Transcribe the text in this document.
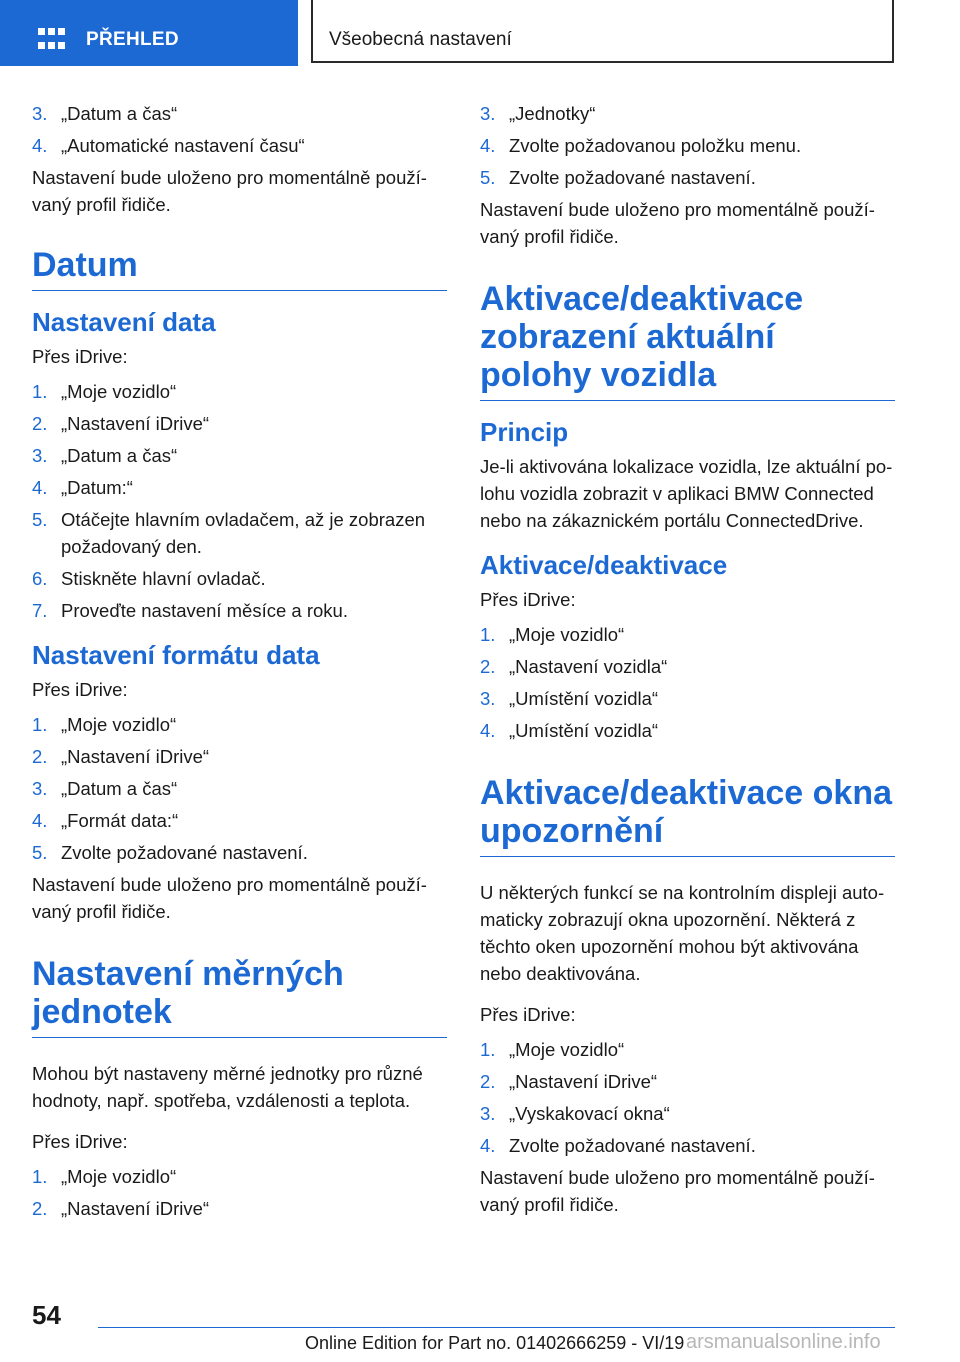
PŘEHLED	Všeobecná nastavení
3. „Datum a čas“
4. „Automatické nastavení času“

Nastavení bude uloženo pro momentálně použí‐vaný profil řidiče.

Datum
Nastavení data

Přes iDrive:

1. „Moje vozidlo“
2. „Nastavení iDrive“
3. „Datum a čas“
4. „Datum:“
5. Otáčejte hlavním ovladačem, až je zobrazen požadovaný den.
6. Stiskněte hlavní ovladač.
7. Proveďte nastavení měsíce a roku.
Nastavení formátu data

Přes iDrive:

1. „Moje vozidlo“
2. „Nastavení iDrive“
3. „Datum a čas“
4. „Formát data:“
5. Zvolte požadované nastavení.

Nastavení bude uloženo pro momentálně použí‐vaný profil řidiče.

Nastavení měrných jednotek

Mohou být nastaveny měrné jednotky pro různé hodnoty, např. spotřeba, vzdálenosti a teplota.

Přes iDrive:

1. „Moje vozidlo“
2. „Nastavení iDrive“
3. „Jednotky“
4. Zvolte požadovanou položku menu.
5. Zvolte požadované nastavení.

Nastavení bude uloženo pro momentálně použí‐vaný profil řidiče.

Aktivace/deaktivace zobrazení aktuální polohy vozidla
Princip

Je-li aktivována lokalizace vozidla, lze aktuální po‐lohu vozidla zobrazit v aplikaci BMW Connected nebo na zákaznickém portálu ConnectedDrive.

Aktivace/deaktivace

Přes iDrive:

1. „Moje vozidlo“
2. „Nastavení vozidla“
3. „Umístění vozidla“
4. „Umístění vozidla“
Aktivace/deaktivace okna upozornění

U některých funkcí se na kontrolním displeji auto‐maticky zobrazují okna upozornění. Některá z těchto oken upozornění mohou být aktivována nebo deaktivována.

Přes iDrive:

1. „Moje vozidlo“
2. „Nastavení iDrive“
3. „Vyskakovací okna“
4. Zvolte požadované nastavení.

Nastavení bude uloženo pro momentálně použí‐vaný profil řidiče.

54
Online Edition for Part no. 01402666259 - VI/19 arsmanualsonline.info
